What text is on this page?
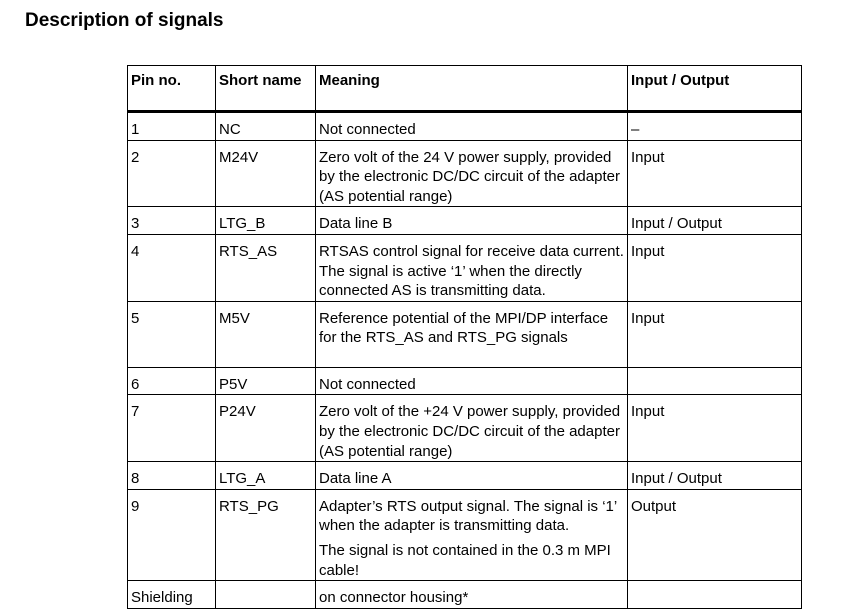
Description of signals
Pin no.	Short name	Meaning	Input / Output
1	NC	Not connected	–
2	M24V	Zero volt of the 24 V power supply, provided by the electronic DC/DC circuit of the adapter (AS potential range)	Input
3	LTG_B	Data line B	Input / Output
4	RTS_AS	RTSAS control signal for receive data current. The signal is active ‘1’ when the directly connected AS is transmitting data.	Input
5	M5V	Reference potential of the MPI/DP interface for the RTS_AS and RTS_PG signals	Input
6	P5V	Not connected	

7	P24V	Zero volt of the +24 V power supply, provided by the electronic DC/DC circuit of the adapter (AS potential range)	Input
8	LTG_A	Data line A	Input / Output
9	RTS_PG	Adapter’s RTS output signal. The signal is ‘1’ when the adapter is transmitting data.
The signal is not contained in the 0.3 m MPI cable!	Output
Shielding		on connector housing*	
